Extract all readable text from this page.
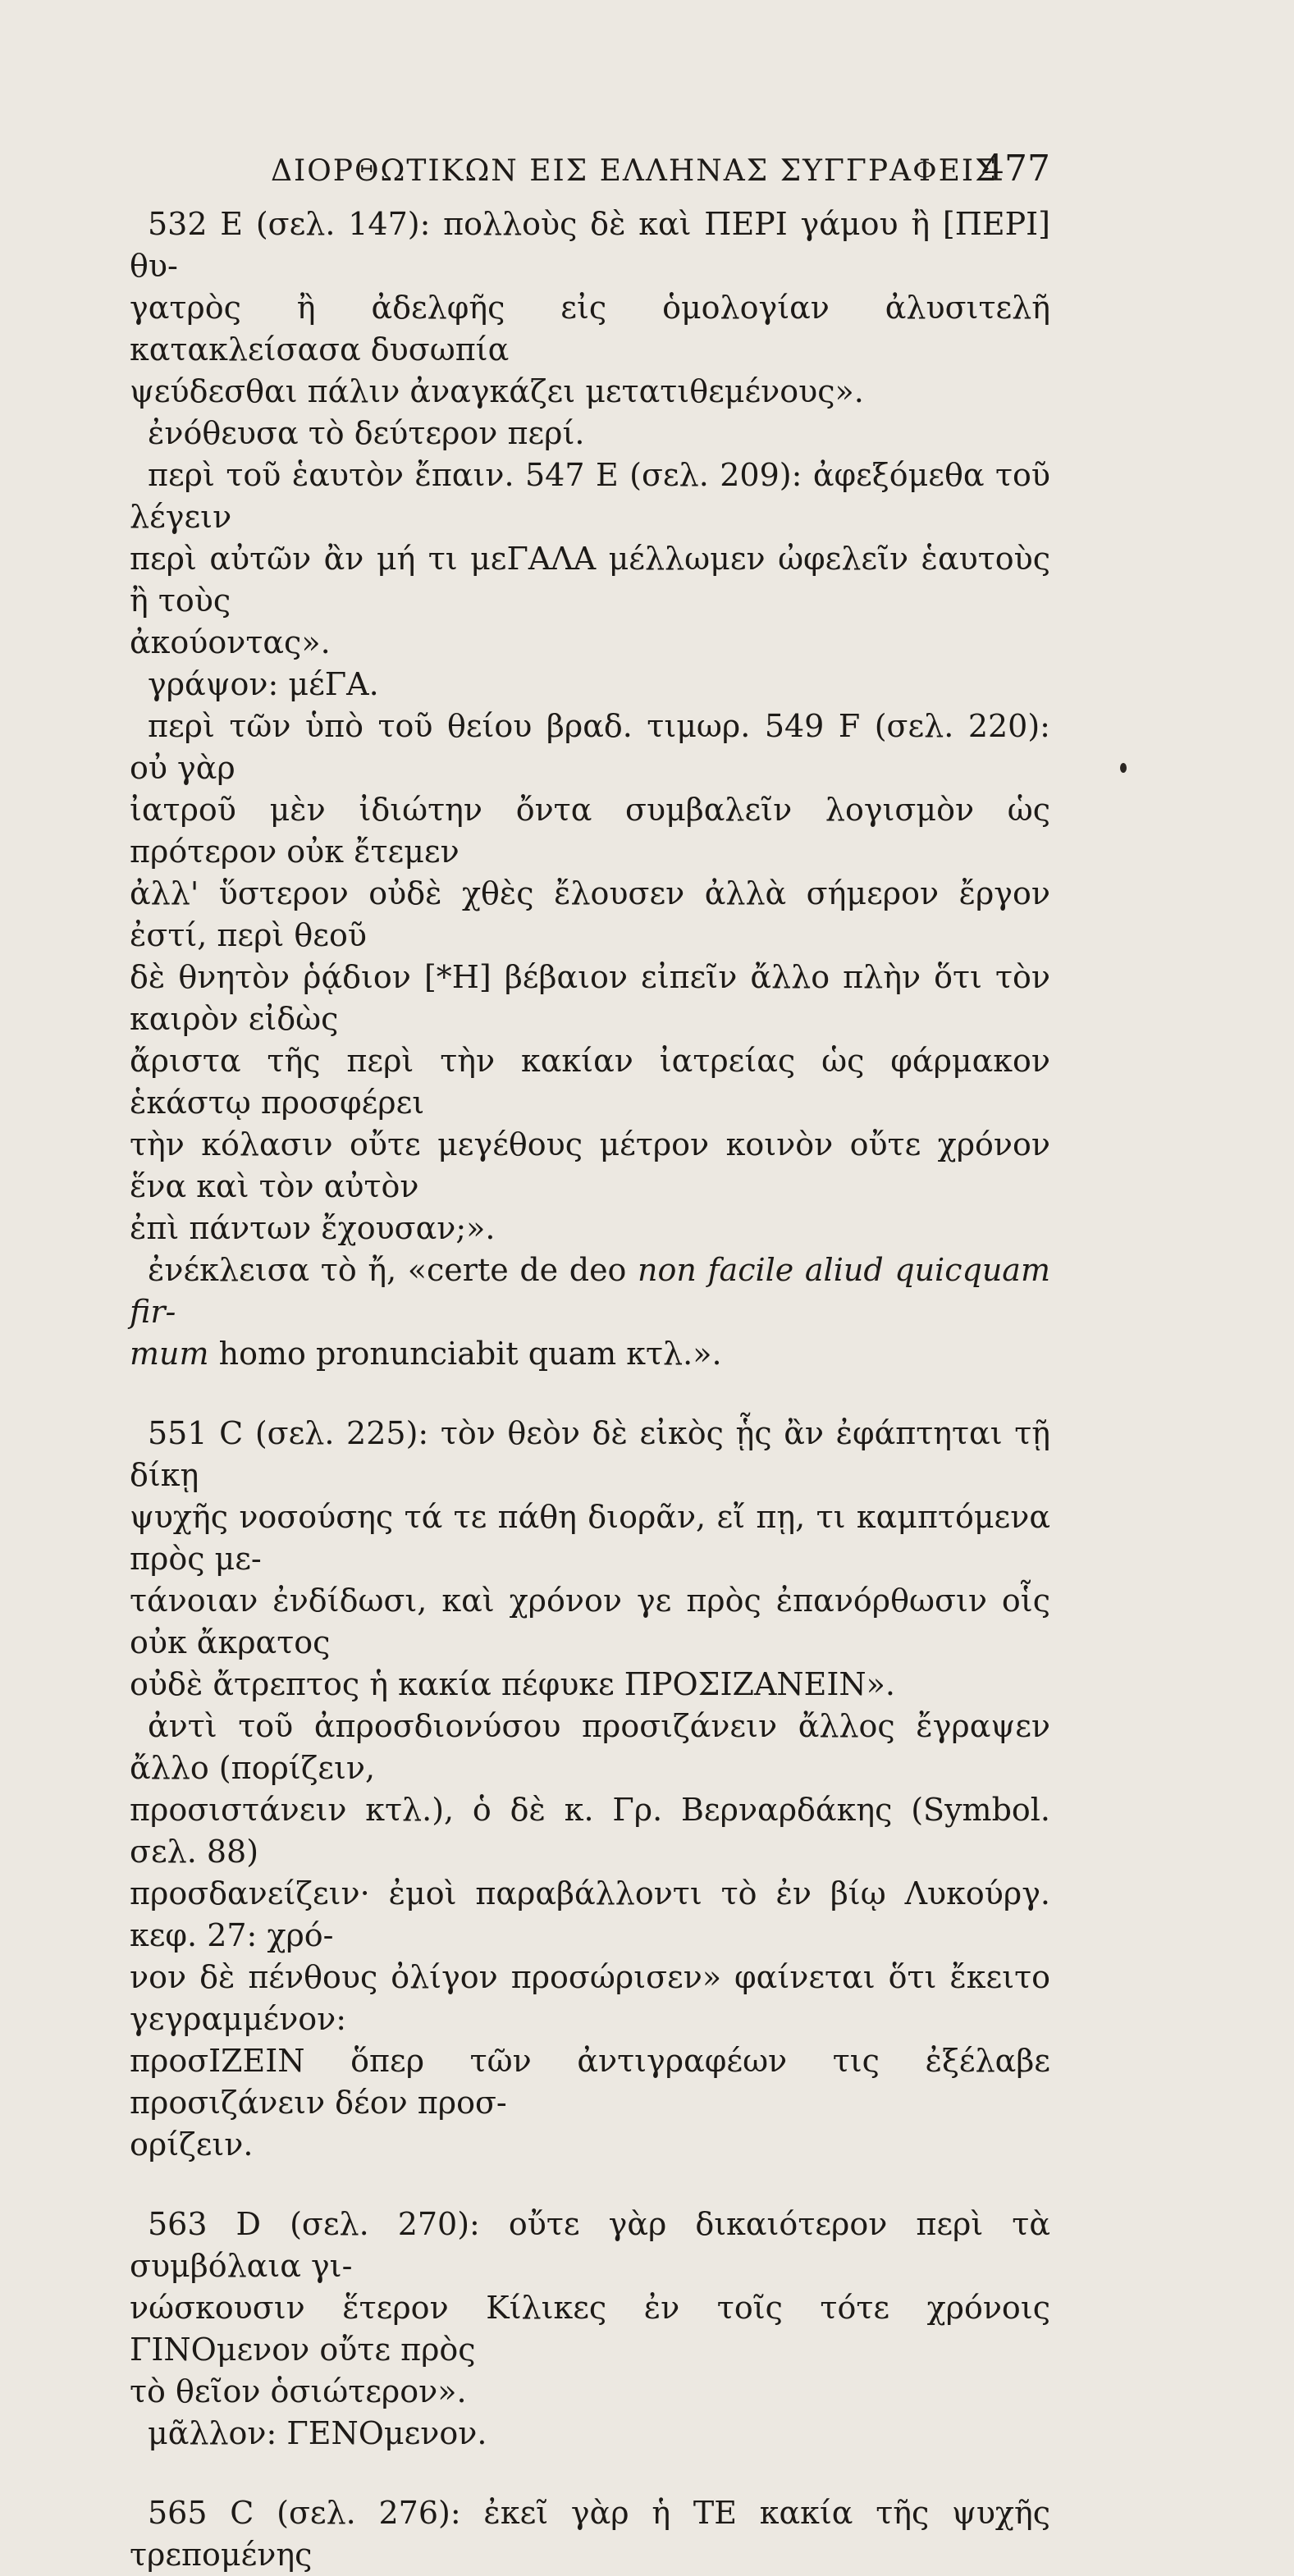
ΔΙΟΡΘΩΤΙΚΩΝ ΕΙΣ ΕΛΛΗΝΑΣ ΣΥΓΓΡΑΦΕΙΣ
477

532 E (σελ. 147): πολλοὺς δὲ καὶ ΠΕΡΙ γάμου ἢ [ΠΕΡΙ] θυ-

γατρὸς ἢ ἀδελφῆς εἰς ὁμολογίαν ἀλυσιτελῆ κατακλείσασα δυσωπία

ψεύδεσθαι πάλιν ἀναγκάζει μετατιθεμένους».

ἐνόθευσα τὸ δεύτερον περί.

περὶ τοῦ ἑαυτὸν ἔπαιν. 547 E (σελ. 209): ἀφεξόμεθα τοῦ λέγειν

περὶ αὐτῶν ἂν μή τι μεΓΑΛΑ μέλλωμεν ὠφελεῖν ἑαυτοὺς ἢ τοὺς

ἀκούοντας».

γράψον: μέΓΑ.

περὶ τῶν ὑπὸ τοῦ θείου βραδ. τιμωρ. 549 F (σελ. 220): οὐ γὰρ

ἰατροῦ μὲν ἰδιώτην ὄντα συμβαλεῖν λογισμὸν ὡς πρότερον οὐκ ἔτεμεν

ἀλλ' ὕστερον οὐδὲ χθὲς ἔλουσεν ἀλλὰ σήμερον ἔργον ἐστί, περὶ θεοῦ

δὲ θνητὸν ῥᾴδιον [*Η] βέβαιον εἰπεῖν ἄλλο πλὴν ὅτι τὸν καιρὸν εἰδὼς

ἄριστα τῆς περὶ τὴν κακίαν ἰατρείας ὡς φάρμακον ἑκάστῳ προσφέρει

τὴν κόλασιν οὔτε μεγέθους μέτρον κοινὸν οὔτε χρόνον ἕνα καὶ τὸν αὐτὸν

ἐπὶ πάντων ἔχουσαν;».

ἐνέκλεισα τὸ ἤ, «certe de deo non facile aliud quicquam fir-

mum homo pronunciabit quam κτλ.».

551 C (σελ. 225): τὸν θεὸν δὲ εἰκὸς ᾗς ἂν ἐφάπτηται τῇ δίκῃ

ψυχῆς νοσούσης τά τε πάθη διορᾶν, εἴ πῃ, τι καμπτόμενα πρὸς με-

τάνοιαν ἐνδίδωσι, καὶ χρόνον γε πρὸς ἐπανόρθωσιν οἷς οὐκ ἄκρατος

οὐδὲ ἄτρεπτος ἡ κακία πέφυκε ΠΡΟΣΙΖΑΝΕΙΝ».

ἀντὶ τοῦ ἀπροσδιονύσου προσιζάνειν ἄλλος ἔγραψεν ἄλλο (πορίζειν,

προσιστάνειν κτλ.), ὁ δὲ κ. Γρ. Βερναρδάκης (Symbol. σελ. 88)

προσδανείζειν· ἐμοὶ παραβάλλοντι τὸ ἐν βίῳ Λυκούργ. κεφ. 27: χρό-

νον δὲ πένθους ὀλίγον προσώρισεν» φαίνεται ὅτι ἔκειτο γεγραμμένον:

προσΙΖΕΙΝ ὅπερ τῶν ἀντιγραφέων τις ἐξέλαβε προσιζάνειν δέον προσ-

ορίζειν.

563 D (σελ. 270): οὔτε γὰρ δικαιότερον περὶ τὰ συμβόλαια γι-

νώσκουσιν ἕτερον Κίλικες ἐν τοῖς τότε χρόνοις ΓΙΝΟμενον οὔτε πρὸς

τὸ θεῖον ὁσιώτερον».

μᾶλλον: ΓΕΝΟμενον.

565 C (σελ. 276): ἐκεῖ γὰρ ἡ ΤΕ κακία τῆς ψυχῆς τρεπομένης
